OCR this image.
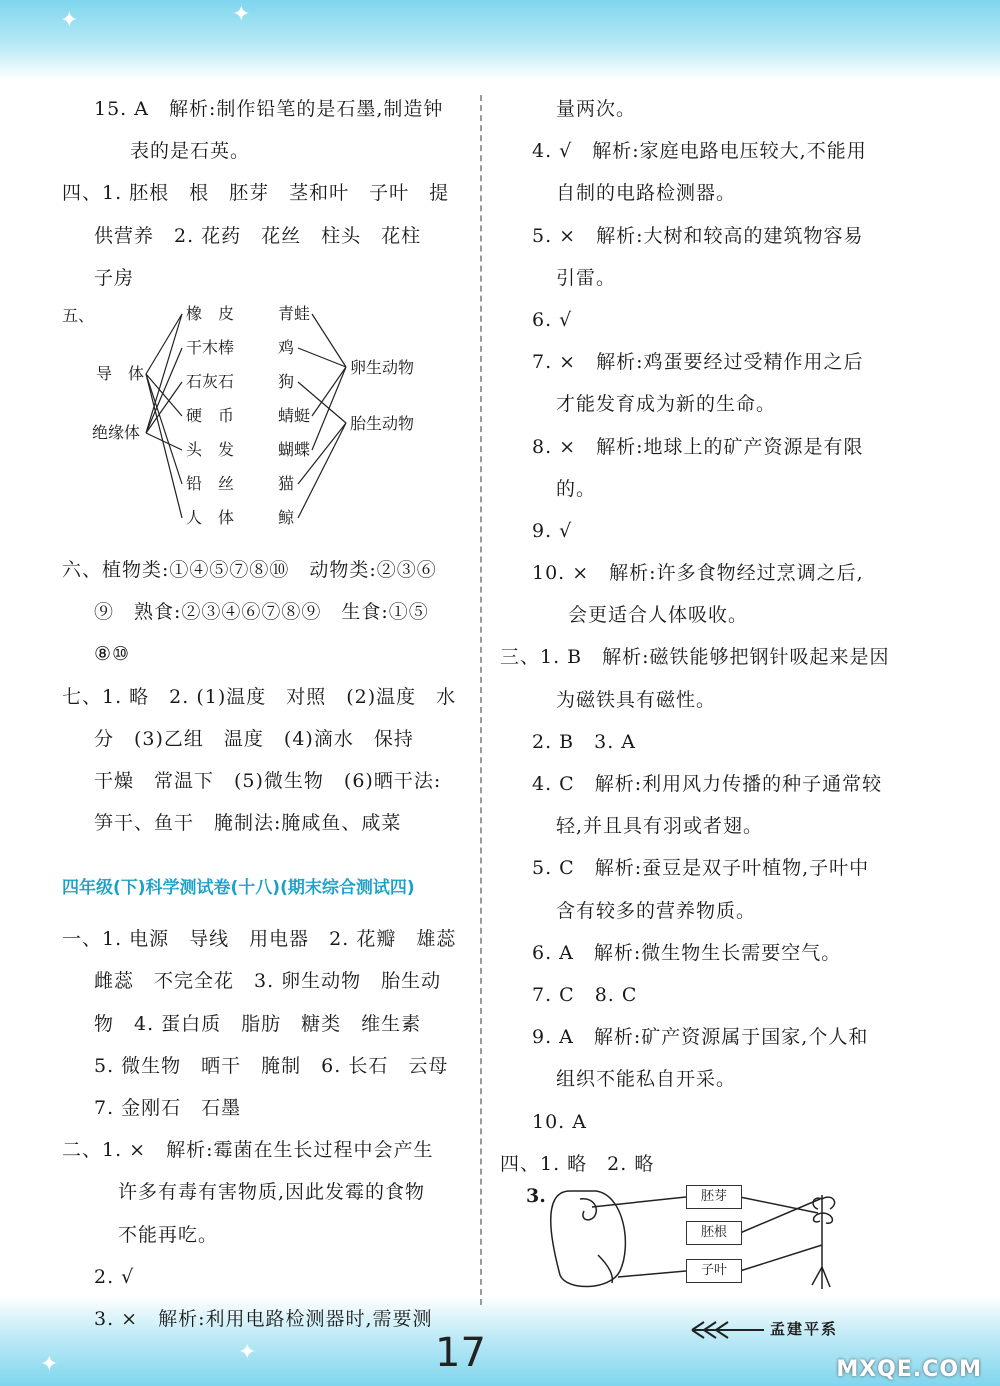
✦	✦
✦	✦
15. A　解析:制作铅笔的是石墨,制造钟
表的是石英。
四、1. 胚根　根　胚芽　茎和叶　子叶　提
供营养　2. 花药　花丝　柱头　花柱
子房
五、
导　体
绝缘体
橡　皮
干木棒
石灰石
硬　币
头　发
铅　丝
人　体
青蛙
鸡
狗
蜻蜓
蝴蝶
猫
鲸
卵生动物
胎生动物
六、植物类:①④⑤⑦⑧⑩　动物类:②③⑥
⑨　熟食:②③④⑥⑦⑧⑨　生食:①⑤
⑧⑩
七、1. 略　2. (1)温度　对照　(2)温度　水
分　(3)乙组　温度　(4)滴水　保持
干燥　常温下　(5)微生物　(6)晒干法:
笋干、鱼干　腌制法:腌咸鱼、咸菜
四年级(下)科学测试卷(十八)(期末综合测试四)
一、1. 电源　导线　用电器　2. 花瓣　雄蕊
雌蕊　不完全花　3. 卵生动物　胎生动
物　4. 蛋白质　脂肪　糖类　维生素
5. 微生物　晒干　腌制　6. 长石　云母
7. 金刚石　石墨
二、1. ×　解析:霉菌在生长过程中会产生
许多有毒有害物质,因此发霉的食物
不能再吃。
2. √
3. ×　解析:利用电路检测器时,需要测
量两次。
4. √　解析:家庭电路电压较大,不能用
自制的电路检测器。
5. ×　解析:大树和较高的建筑物容易
引雷。
6. √
7. ×　解析:鸡蛋要经过受精作用之后
才能发育成为新的生命。
8. ×　解析:地球上的矿产资源是有限
的。
9. √
10. ×　解析:许多食物经过烹调之后,
会更适合人体吸收。
三、1. B　解析:磁铁能够把钢针吸起来是因
为磁铁具有磁性。
2. B　3. A
4. C　解析:利用风力传播的种子通常较
轻,并且具有羽或者翅。
5. C　解析:蚕豆是双子叶植物,子叶中
含有较多的营养物质。
6. A　解析:微生物生长需要空气。
7. C　8. C
9. A　解析:矿产资源属于国家,个人和
组织不能私自开采。
10. A
四、1. 略　2. 略
3.	胚芽
胚根
子叶
孟建平系
17	MXQE.COM
